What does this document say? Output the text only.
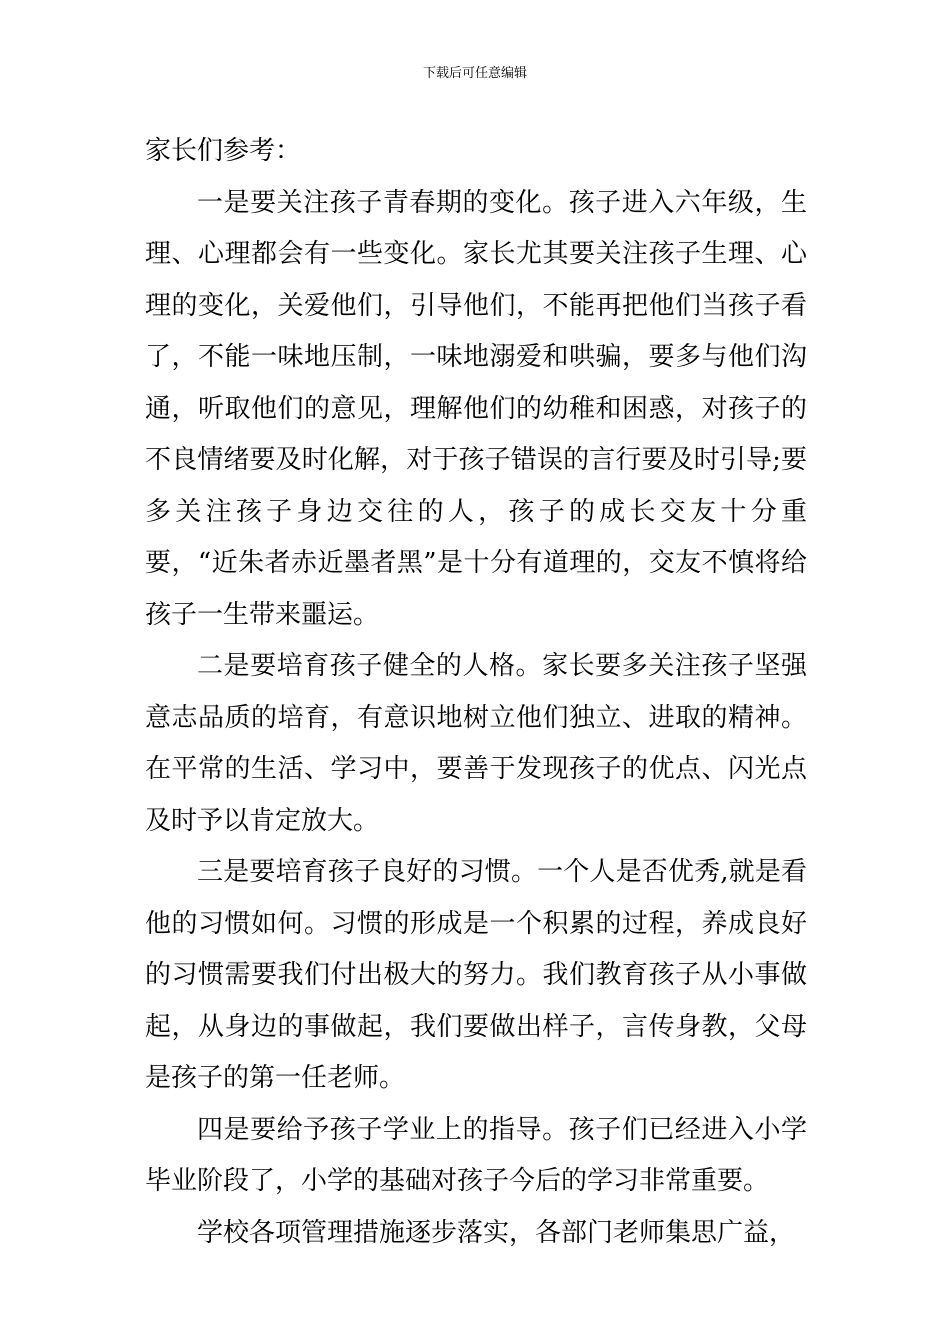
下载后可任意编辑

家长们参考：

一是要关注孩子青春期的变化。孩子进入六年级，生理、心理都会有一些变化。家长尤其要关注孩子生理、心理的变化，关爱他们，引导他们，不能再把他们当孩子看了，不能一味地压制，一味地溺爱和哄骗，要多与他们沟通，听取他们的意见，理解他们的幼稚和困惑，对孩子的不良情绪要及时化解，对于孩子错误的言行要及时引导;要多关注孩子身边交往的人，孩子的成长交友十分重要，“近朱者赤近墨者黑”是十分有道理的，交友不慎将给孩子一生带来噩运。

二是要培育孩子健全的人格。家长要多关注孩子坚强意志品质的培育，有意识地树立他们独立、进取的精神。在平常的生活、学习中，要善于发现孩子的优点、闪光点及时予以肯定放大。

三是要培育孩子良好的习惯。一个人是否优秀,就是看他的习惯如何。习惯的形成是一个积累的过程，养成良好的习惯需要我们付出极大的努力。我们教育孩子从小事做起，从身边的事做起，我们要做出样子，言传身教，父母是孩子的第一任老师。

四是要给予孩子学业上的指导。孩子们已经进入小学毕业阶段了，小学的基础对孩子今后的学习非常重要。

学校各项管理措施逐步落实，各部门老师集思广益，
